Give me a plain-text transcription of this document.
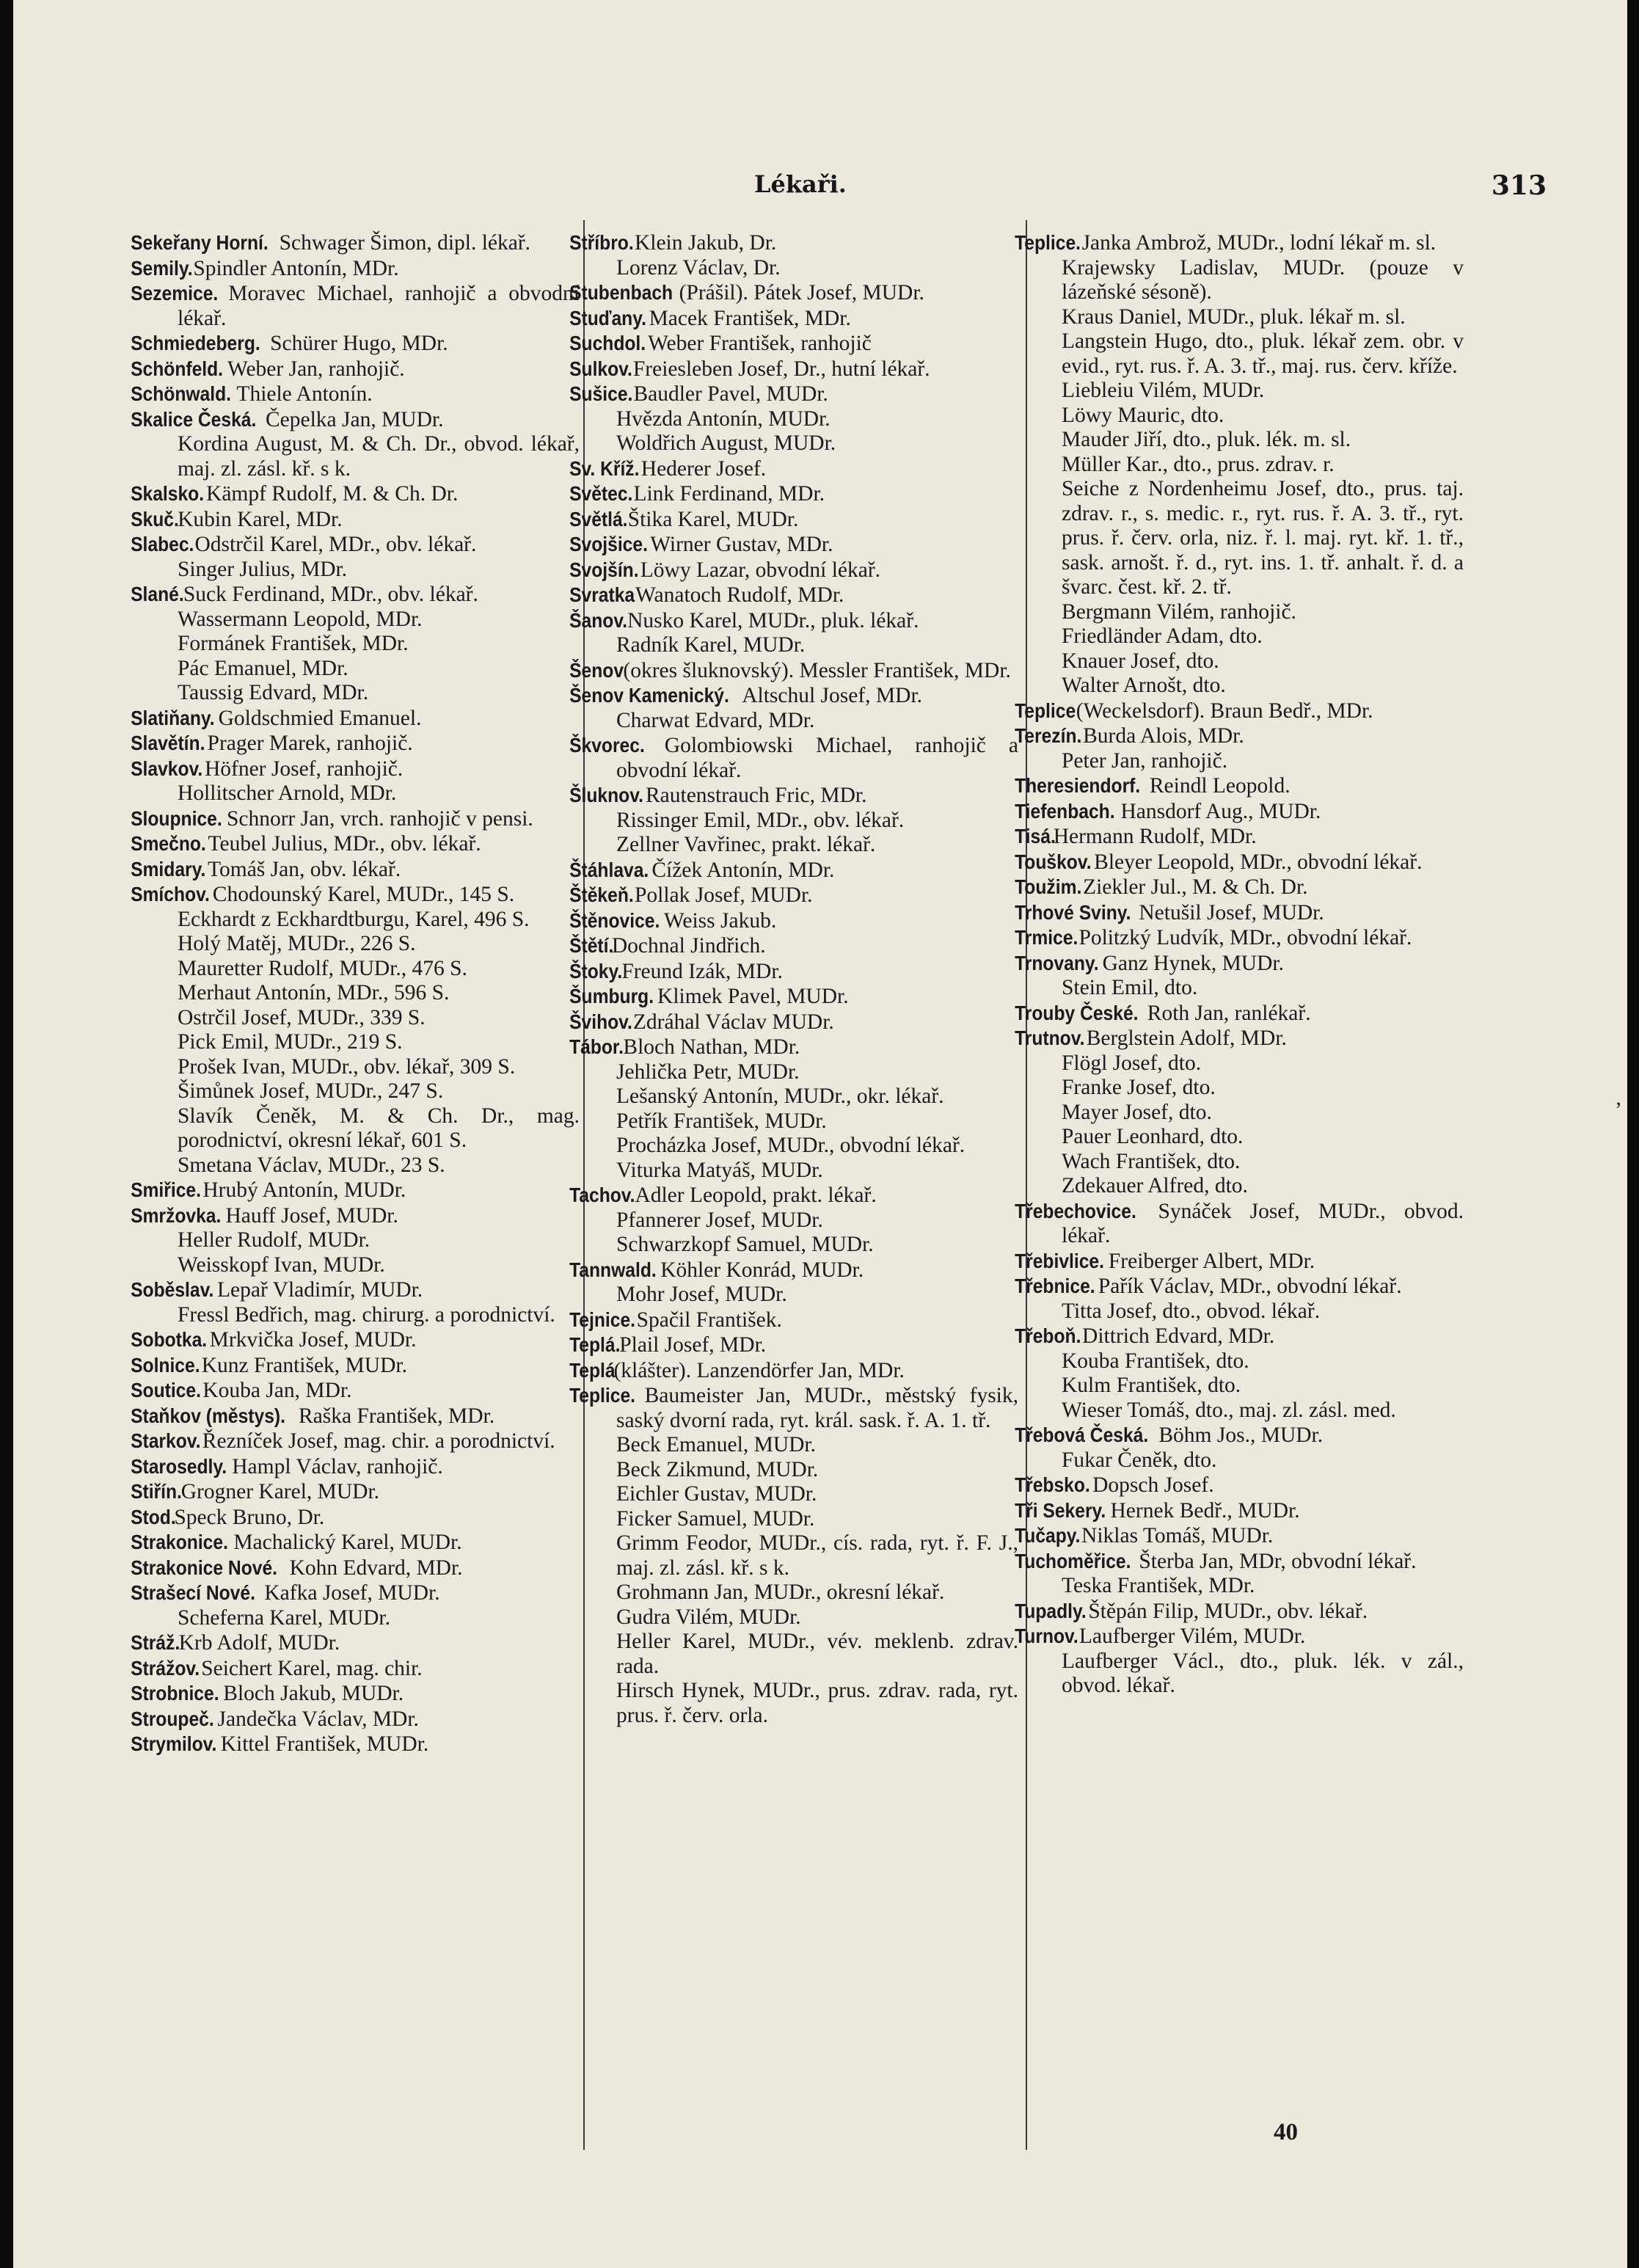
Lékaři.	313

Sekeřany Horní. Schwager Šimon, dipl. lékař.

Semily. Spindler Antonín, MDr.

Sezemice. Moravec Michael, ranhojič a obvodní lékař.

Schmiedeberg. Schürer Hugo, MDr.

Schönfeld. Weber Jan, ranhojič.

Schönwald. Thiele Antonín.

Skalice Česká. Čepelka Jan, MUDr.

Kordina August, M. & Ch. Dr., obvod. lékař, maj. zl. zásl. kř. s k.

Skalsko. Kämpf Rudolf, M. & Ch. Dr.

Skuč. Kubin Karel, MDr.

Slabec. Odstrčil Karel, MDr., obv. lékař.

Singer Julius, MDr.

Slané. Suck Ferdinand, MDr., obv. lékař.

Wassermann Leopold, MDr.

Formánek František, MDr.

Pác Emanuel, MDr.

Taussig Edvard, MDr.

Slatiňany. Goldschmied Emanuel.

Slavětín. Prager Marek, ranhojič.

Slavkov. Höfner Josef, ranhojič.

Hollitscher Arnold, MDr.

Sloupnice. Schnorr Jan, vrch. ranhojič v pensi.

Smečno. Teubel Julius, MDr., obv. lékař.

Smidary. Tomáš Jan, obv. lékař.

Smíchov. Chodounský Karel, MUDr., 145 S.

Eckhardt z Eckhardtburgu, Karel, 496 S.

Holý Matěj, MUDr., 226 S.

Mauretter Rudolf, MUDr., 476 S.

Merhaut Antonín, MDr., 596 S.

Ostrčil Josef, MUDr., 339 S.

Pick Emil, MUDr., 219 S.

Prošek Ivan, MUDr., obv. lékař, 309 S.

Šimůnek Josef, MUDr., 247 S.

Slavík Čeněk, M. & Ch. Dr., mag. porodnictví, okresní lékař, 601 S.

Smetana Václav, MUDr., 23 S.

Smiřice. Hrubý Antonín, MUDr.

Smržovka. Hauff Josef, MUDr.

Heller Rudolf, MUDr.

Weisskopf Ivan, MUDr.

Soběslav. Lepař Vladimír, MUDr.

Fressl Bedřich, mag. chirurg. a porodnictví.

Sobotka. Mrkvička Josef, MUDr.

Solnice. Kunz František, MUDr.

Soutice. Kouba Jan, MDr.

Staňkov (městys). Raška František, MDr.

Starkov. Řezníček Josef, mag. chir. a porodnictví.

Starosedly. Hampl Václav, ranhojič.

Stiřín. Grogner Karel, MUDr.

Stod. Speck Bruno, Dr.

Strakonice. Machalický Karel, MUDr.

Strakonice Nové. Kohn Edvard, MDr.

Strašecí Nové. Kafka Josef, MUDr.

Scheferna Karel, MUDr.

Stráž. Krb Adolf, MUDr.

Strážov. Seichert Karel, mag. chir.

Strobnice. Bloch Jakub, MUDr.

Stroupeč. Jandečka Václav, MDr.

Strymilov. Kittel František, MUDr.

Stříbro. Klein Jakub, Dr.

Lorenz Václav, Dr.

Stubenbach (Prášil). Pátek Josef, MUDr.

Stuďany. Macek František, MDr.

Suchdol. Weber František, ranhojič

Sulkov. Freiesleben Josef, Dr., hutní lékař.

Sušice. Baudler Pavel, MUDr.

Hvězda Antonín, MUDr.

Woldřich August, MUDr.

Sv. Kříž. Hederer Josef.

Světec. Link Ferdinand, MDr.

Světlá. Štika Karel, MUDr.

Svojšice. Wirner Gustav, MDr.

Svojšín. Löwy Lazar, obvodní lékař.

Svratka Wanatoch Rudolf, MDr.

Šanov. Nusko Karel, MUDr., pluk. lékař.

Radník Karel, MUDr.

Šenov (okres šluknovský). Messler František, MDr.

Šenov Kamenický. Altschul Josef, MDr.

Charwat Edvard, MDr.

Škvorec. Golombiowski Michael, ranhojič a obvodní lékař.

Šluknov. Rautenstrauch Fric, MDr.

Rissinger Emil, MDr., obv. lékař.

Zellner Vavřinec, prakt. lékař.

Štáhlava. Čížek Antonín, MDr.

Štěkeň. Pollak Josef, MUDr.

Štěnovice. Weiss Jakub.

Štětí. Dochnal Jindřich.

Štoky. Freund Izák, MDr.

Šumburg. Klimek Pavel, MUDr.

Švihov. Zdráhal Václav MUDr.

Tábor. Bloch Nathan, MDr.

Jehlička Petr, MUDr.

Lešanský Antonín, MUDr., okr. lékař.

Petřík František, MUDr.

Procházka Josef, MUDr., obvodní lékař.

Viturka Matyáš, MUDr.

Tachov. Adler Leopold, prakt. lékař.

Pfannerer Josef, MUDr.

Schwarzkopf Samuel, MUDr.

Tannwald. Köhler Konrád, MUDr.

Mohr Josef, MUDr.

Tejnice. Spačil František.

Teplá. Plail Josef, MDr.

Teplá (klášter). Lanzendörfer Jan, MDr.

Teplice. Baumeister Jan, MUDr., městský fysik, saský dvorní rada, ryt. král. sask. ř. A. 1. tř.

Beck Emanuel, MUDr.

Beck Zikmund, MUDr.

Eichler Gustav, MUDr.

Ficker Samuel, MUDr.

Grimm Feodor, MUDr., cís. rada, ryt. ř. F. J., maj. zl. zásl. kř. s k.

Grohmann Jan, MUDr., okresní lékař.

Gudra Vilém, MUDr.

Heller Karel, MUDr., vév. meklenb. zdrav. rada.

Hirsch Hynek, MUDr., prus. zdrav. rada, ryt. prus. ř. červ. orla.

Teplice. Janka Ambrož, MUDr., lodní lékař m. sl.

Krajewsky Ladislav, MUDr. (pouze v lázeňské sésoně).

Kraus Daniel, MUDr., pluk. lékař m. sl.

Langstein Hugo, dto., pluk. lékař zem. obr. v evid., ryt. rus. ř. A. 3. tř., maj. rus. červ. kříže.

Liebleiu Vilém, MUDr.

Löwy Mauric, dto.

Mauder Jiří, dto., pluk. lék. m. sl.

Müller Kar., dto., prus. zdrav. r.

Seiche z Nordenheimu Josef, dto., prus. taj. zdrav. r., s. medic. r., ryt. rus. ř. A. 3. tř., ryt. prus. ř. červ. orla, niz. ř. l. maj. ryt. kř. 1. tř., sask. arnošt. ř. d., ryt. ins. 1. tř. anhalt. ř. d. a švarc. čest. kř. 2. tř.

Bergmann Vilém, ranhojič.

Friedländer Adam, dto.

Knauer Josef, dto.

Walter Arnošt, dto.

Teplice (Weckelsdorf). Braun Bedř., MDr.

Terezín. Burda Alois, MDr.

Peter Jan, ranhojič.

Theresiendorf. Reindl Leopold.

Tiefenbach. Hansdorf Aug., MUDr.

Tisá. Hermann Rudolf, MDr.

Touškov. Bleyer Leopold, MDr., obvodní lékař.

Toužim. Ziekler Jul., M. & Ch. Dr.

Trhové Sviny. Netušil Josef, MUDr.

Trmice. Politzký Ludvík, MDr., obvodní lékař.

Trnovany. Ganz Hynek, MUDr.

Stein Emil, dto.

Trouby České. Roth Jan, ranlékař.

Trutnov. Berglstein Adolf, MDr.

Flögl Josef, dto.

Franke Josef, dto.

Mayer Josef, dto.

Pauer Leonhard, dto.

Wach František, dto.

Zdekauer Alfred, dto.

Třebechovice. Synáček Josef, MUDr., obvod. lékař.

Třebivlice. Freiberger Albert, MDr.

Třebnice. Pařík Václav, MDr., obvodní lékař.

Titta Josef, dto., obvod. lékař.

Třeboň. Dittrich Edvard, MDr.

Kouba František, dto.

Kulm František, dto.

Wieser Tomáš, dto., maj. zl. zásl. med.

Třebová Česká. Böhm Jos., MUDr.

Fukar Čeněk, dto.

Třebsko. Dopsch Josef.

Tři Sekery. Hernek Bedř., MUDr.

Tučapy. Niklas Tomáš, MUDr.

Tuchoměřice. Šterba Jan, MDr, obvodní lékař.

Teska František, MDr.

Tupadly. Štěpán Filip, MUDr., obv. lékař.

Turnov. Laufberger Vilém, MUDr.

Laufberger Václ., dto., pluk. lék. v zál., obvod. lékař.

40
’
